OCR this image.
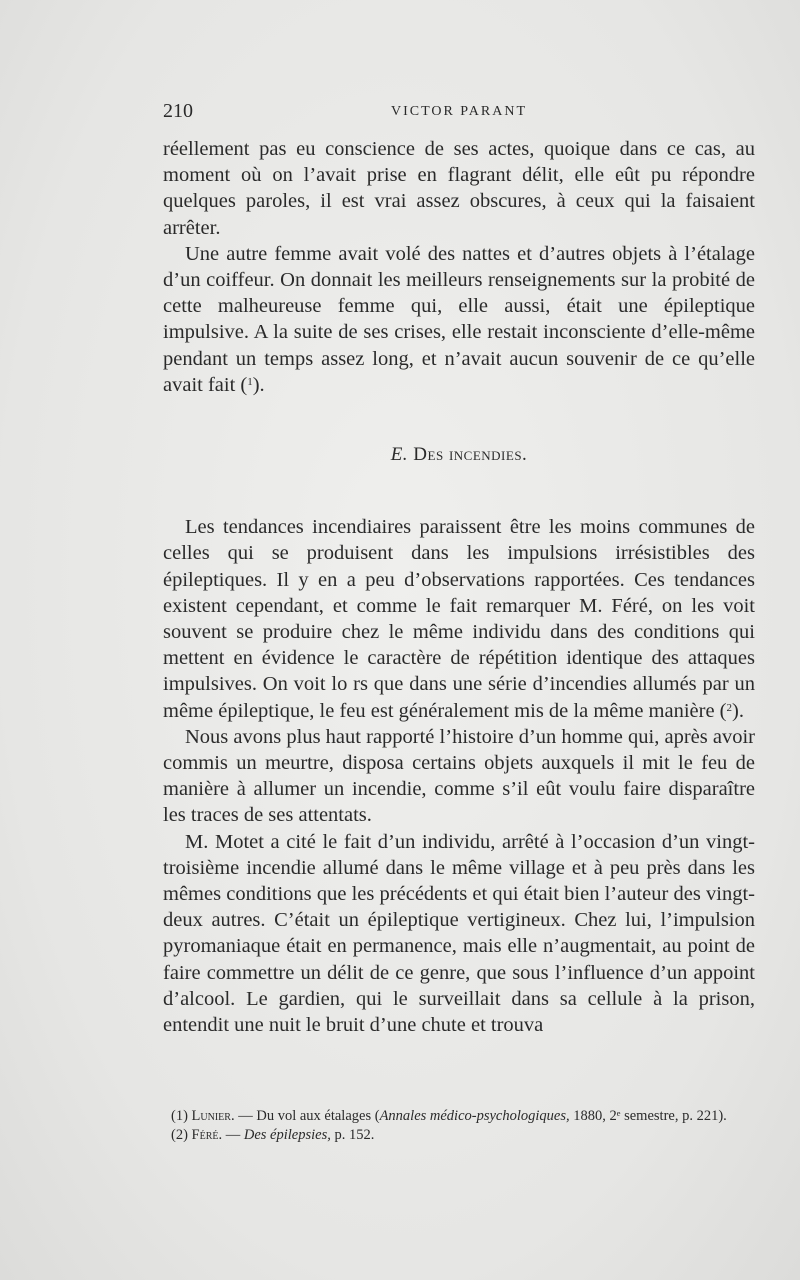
210	VICTOR PARANT

réellement pas eu conscience de ses actes, quoique dans ce cas, au moment où on l’avait prise en flagrant délit, elle eût pu répondre quelques paroles, il est vrai assez obscures, à ceux qui la faisaient arrêter.

Une autre femme avait volé des nattes et d’autres objets à l’étalage d’un coiffeur. On donnait les meilleurs renseignements sur la probité de cette malheureuse femme qui, elle aussi, était une épileptique impulsive. A la suite de ses crises, elle restait inconsciente d’elle-même pendant un temps assez long, et n’avait aucun souvenir de ce qu’elle avait fait ($^1$).

E. Des incendies.

Les tendances incendiaires paraissent être les moins communes de celles qui se produisent dans les impulsions irrésistibles des épileptiques. Il y en a peu d’observations rapportées. Ces tendances existent cependant, et comme le fait remarquer M. Féré, on les voit souvent se produire chez le même individu dans des conditions qui mettent en évidence le caractère de répétition identique des attaques impulsives. On voit lo rs que dans une série d’incendies allumés par un même épileptique, le feu est généralement mis de la même manière ($^2$).

Nous avons plus haut rapporté l’histoire d’un homme qui, après avoir commis un meurtre, disposa certains objets auxquels il mit le feu de manière à allumer un incendie, comme s’il eût voulu faire disparaître les traces de ses attentats.

M. Motet a cité le fait d’un individu, arrêté à l’occasion d’un vingt-troisième incendie allumé dans le même village et à peu près dans les mêmes conditions que les précédents et qui était bien l’auteur des vingt-deux autres. C’était un épileptique vertigineux. Chez lui, l’impulsion pyromaniaque était en permanence, mais elle n’augmentait, au point de faire commettre un délit de ce genre, que sous l’influence d’un appoint d’alcool. Le gardien, qui le surveillait dans sa cellule à la prison, entendit une nuit le bruit d’une chute et trouva

(1) Lunier. — Du vol aux étalages (Annales médico-psychologiques, 1880, 2ᵉ semestre, p. 221).

(2) Féré. — Des épilepsies, p. 152.
